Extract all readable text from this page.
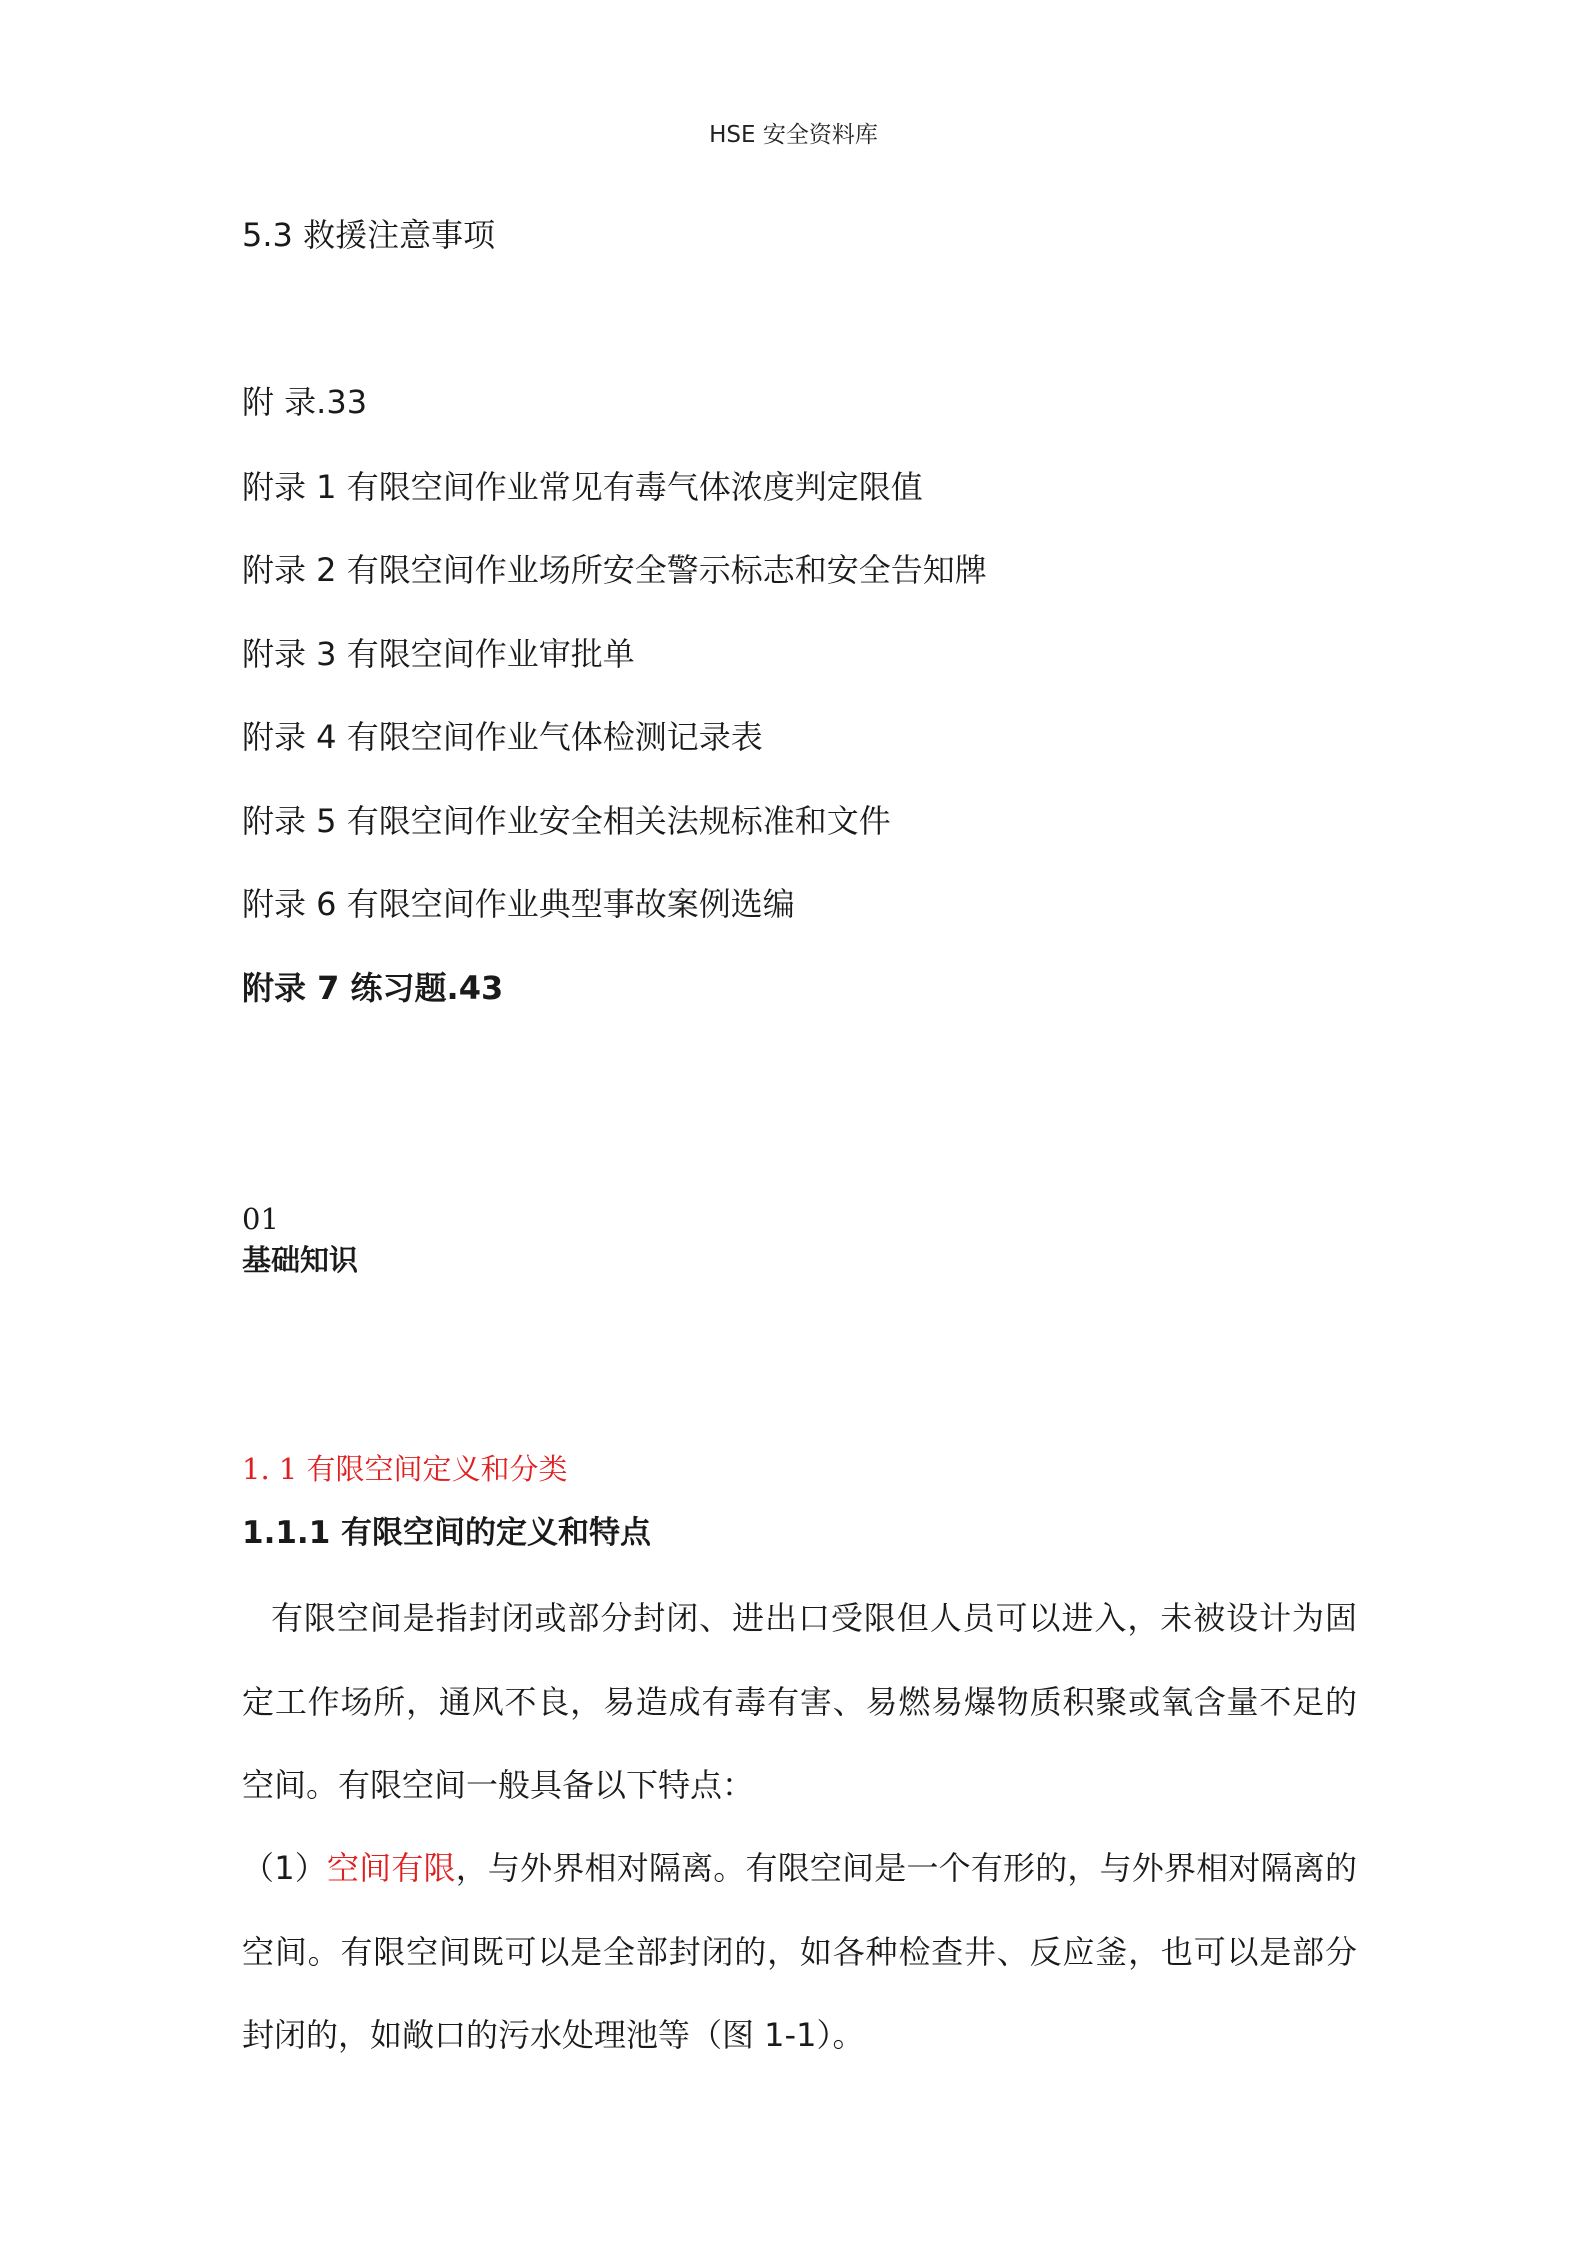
HSE 安全资料库
5.3 救援注意事项
附 录.33
附录 1 有限空间作业常见有毒气体浓度判定限值
附录 2 有限空间作业场所安全警示标志和安全告知牌
附录 3 有限空间作业审批单
附录 4 有限空间作业气体检测记录表
附录 5 有限空间作业安全相关法规标准和文件
附录 6 有限空间作业典型事故案例选编
附录 7 练习题.43
01
基础知识
1. 1 有限空间定义和分类
1.1.1 有限空间的定义和特点
有限空间是指封闭或部分封闭、进出口受限但人员可以进入，未被设计为固定工作场所，通风不良，易造成有毒有害、易燃易爆物质积聚或氧含量不足的空间。有限空间一般具备以下特点：
（1）空间有限，与外界相对隔离。有限空间是一个有形的，与外界相对隔离的空间。有限空间既可以是全部封闭的，如各种检查井、反应釜，也可以是部分封闭的，如敞口的污水处理池等（图 1-1）。
